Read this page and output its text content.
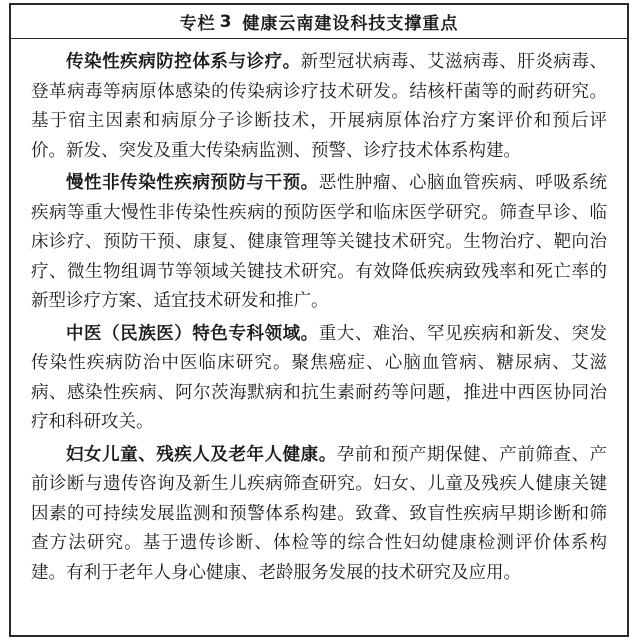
专栏 3 健康云南建设科技支撑重点

传染性疾病防控体系与诊疗。新型冠状病毒、艾滋病毒、肝炎病毒、登革病毒等病原体感染的传染病诊疗技术研发。结核杆菌等的耐药研究。基于宿主因素和病原分子诊断技术，开展病原体治疗方案评价和预后评价。新发、突发及重大传染病监测、预警、诊疗技术体系构建。

慢性非传染性疾病预防与干预。恶性肿瘤、心脑血管疾病、呼吸系统疾病等重大慢性非传染性疾病的预防医学和临床医学研究。筛查早诊、临床诊疗、预防干预、康复、健康管理等关键技术研究。生物治疗、靶向治疗、微生物组调节等领域关键技术研究。有效降低疾病致残率和死亡率的新型诊疗方案、适宜技术研发和推广。

中医（民族医）特色专科领域。重大、难治、罕见疾病和新发、突发传染性疾病防治中医临床研究。聚焦癌症、心脑血管病、糖尿病、艾滋病、感染性疾病、阿尔茨海默病和抗生素耐药等问题，推进中西医协同治疗和科研攻关。

妇女儿童、残疾人及老年人健康。孕前和预产期保健、产前筛查、产前诊断与遗传咨询及新生儿疾病筛查研究。妇女、儿童及残疾人健康关键因素的可持续发展监测和预警体系构建。致聋、致盲性疾病早期诊断和筛查方法研究。基于遗传诊断、体检等的综合性妇幼健康检测评价体系构建。有利于老年人身心健康、老龄服务发展的技术研究及应用。
